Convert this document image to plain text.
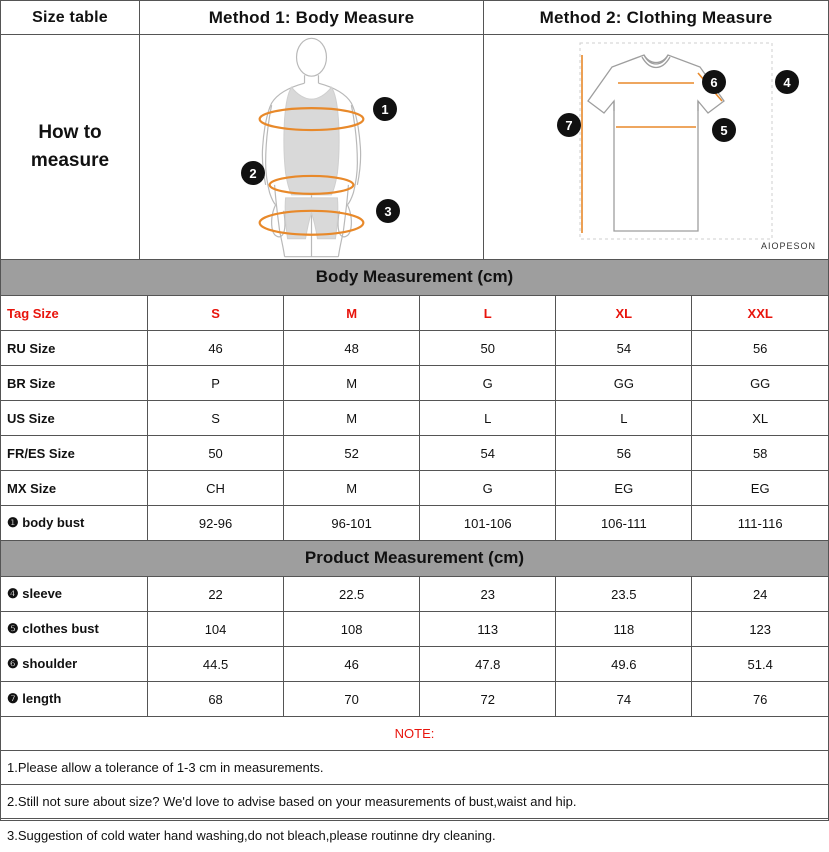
Size table
How to
measure
Method 1: Body Measure
1
2
3
Method 2: Clothing Measure
6	4
5
7
AIOPESON
Body Measurement (cm)
Tag Size	S	M	L	XL	XXL
RU Size	46	48	50	54	56
BR Size	P	M	G	GG	GG
US Size	S	M	L	L	XL
FR/ES Size	50	52	54	56	58
MX Size	CH	M	G	EG	EG
❶ body bust	92-96	96-101	101-106	106-111	111-116
Product Measurement (cm)
❹ sleeve	22	22.5	23	23.5	24
❺ clothes bust	104	108	113	118	123
❻ shoulder	44.5	46	47.8	49.6	51.4
❼ length	68	70	72	74	76
NOTE:
1.Please allow a tolerance of 1-3 cm in measurements.
2.Still not sure about size? We'd love to advise based on your measurements of bust,waist and hip.
3.Suggestion of cold water hand washing,do not bleach,please routinne dry cleaning.
